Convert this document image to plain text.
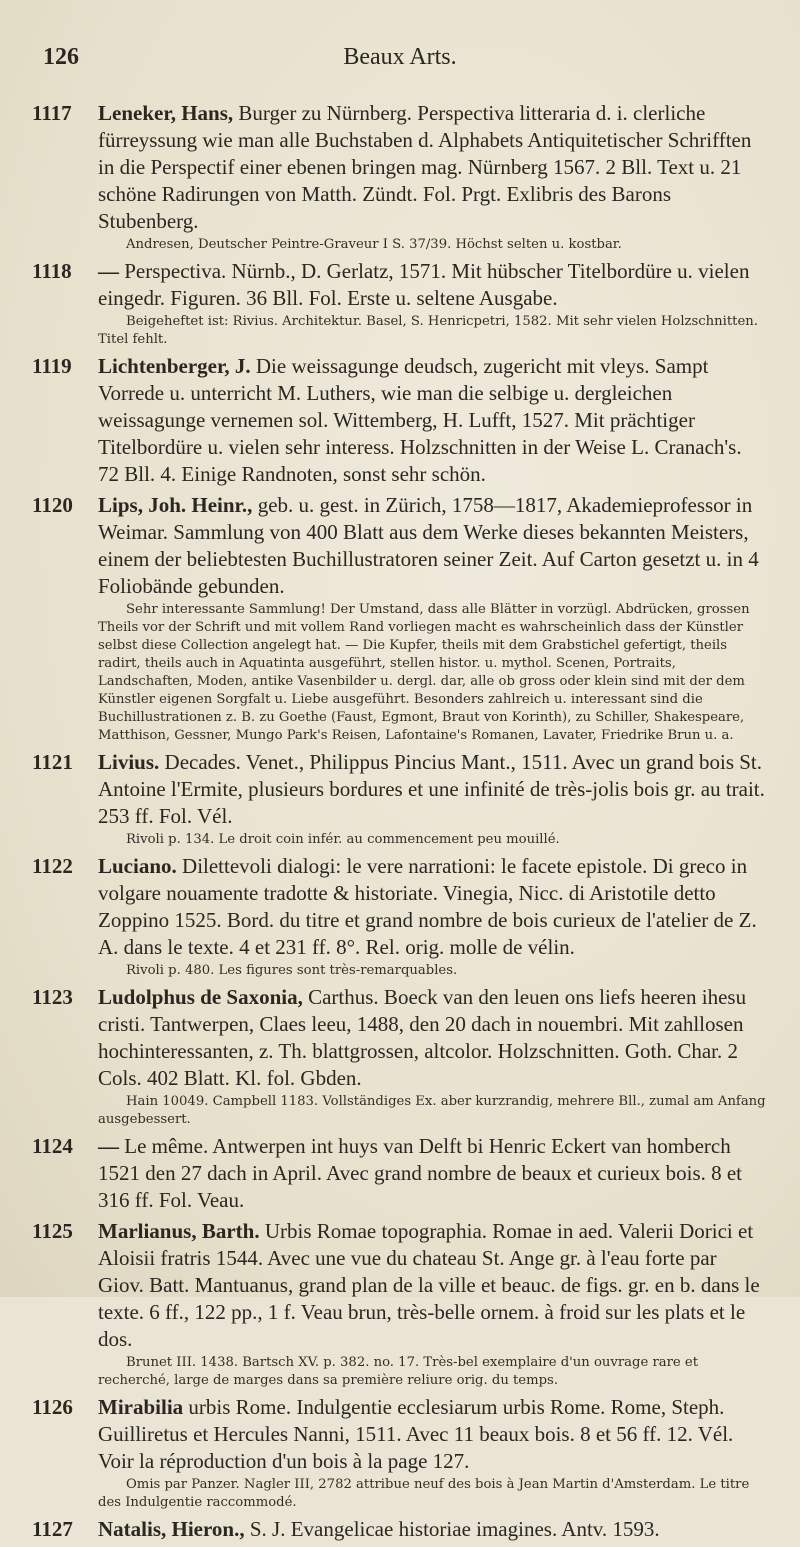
126	Beaux Arts.
1117	Leneker, Hans, Burger zu Nürnberg. Perspectiva litteraria d. i. clerliche fürreyssung wie man alle Buchstaben d. Alphabets Antiquitetischer Schrifften in die Perspectif einer ebenen bringen mag. Nürnberg 1567. 2 Bll. Text u. 21 schöne Radirungen von Matth. Zündt. Fol. Prgt. Exlibris des Barons Stubenberg.
Andresen, Deutscher Peintre-Graveur I S. 37/39. Höchst selten u. kostbar.
1118	— Perspectiva. Nürnb., D. Gerlatz, 1571. Mit hübscher Titelbordüre u. vielen eingedr. Figuren. 36 Bll. Fol. Erste u. seltene Ausgabe.
Beigeheftet ist: Rivius. Architektur. Basel, S. Henricpetri, 1582. Mit sehr vielen Holzschnitten. Titel fehlt.
1119	Lichtenberger, J. Die weissagunge deudsch, zugericht mit vleys. Sampt Vorrede u. unterricht M. Luthers, wie man die selbige u. dergleichen weissagunge vernemen sol. Wittemberg, H. Lufft, 1527. Mit prächtiger Titelbordüre u. vielen sehr interess. Holzschnitten in der Weise L. Cranach's. 72 Bll. 4. Einige Randnoten, sonst sehr schön.
1120	Lips, Joh. Heinr., geb. u. gest. in Zürich, 1758—1817, Akademieprofessor in Weimar. Sammlung von 400 Blatt aus dem Werke dieses bekannten Meisters, einem der beliebtesten Buchillustratoren seiner Zeit. Auf Carton gesetzt u. in 4 Foliobände gebunden.
Sehr interessante Sammlung! Der Umstand, dass alle Blätter in vorzügl. Abdrücken, grossen Theils vor der Schrift und mit vollem Rand vorliegen macht es wahrscheinlich dass der Künstler selbst diese Collection angelegt hat. — Die Kupfer, theils mit dem Grabstichel gefertigt, theils radirt, theils auch in Aquatinta ausgeführt, stellen histor. u. mythol. Scenen, Portraits, Landschaften, Moden, antike Vasenbilder u. dergl. dar, alle ob gross oder klein sind mit der dem Künstler eigenen Sorgfalt u. Liebe ausgeführt. Besonders zahlreich u. interessant sind die Buchillustrationen z. B. zu Goethe (Faust, Egmont, Braut von Korinth), zu Schiller, Shakespeare, Matthison, Gessner, Mungo Park's Reisen, Lafontaine's Romanen, Lavater, Friedrike Brun u. a.
1121	Livius. Decades. Venet., Philippus Pincius Mant., 1511. Avec un grand bois St. Antoine l'Ermite, plusieurs bordures et une infinité de très-jolis bois gr. au trait. 253 ff. Fol. Vél.
Rivoli p. 134. Le droit coin infér. au commencement peu mouillé.
1122	Luciano. Dilettevoli dialogi: le vere narrationi: le facete epistole. Di greco in volgare nouamente tradotte & historiate. Vinegia, Nicc. di Aristotile detto Zoppino 1525. Bord. du titre et grand nombre de bois curieux de l'atelier de Z. A. dans le texte. 4 et 231 ff. 8°. Rel. orig. molle de vélin.
Rivoli p. 480. Les figures sont très-remarquables.
1123	Ludolphus de Saxonia, Carthus. Boeck van den leuen ons liefs heeren ihesu cristi. Tantwerpen, Claes leeu, 1488, den 20 dach in nouembri. Mit zahllosen hochinteressanten, z. Th. blattgrossen, altcolor. Holzschnitten. Goth. Char. 2 Cols. 402 Blatt. Kl. fol. Gbden.
Hain 10049. Campbell 1183. Vollständiges Ex. aber kurzrandig, mehrere Bll., zumal am Anfang ausgebessert.
1124	— Le même. Antwerpen int huys van Delft bi Henric Eckert van homberch 1521 den 27 dach in April. Avec grand nombre de beaux et curieux bois. 8 et 316 ff. Fol. Veau.
1125	Marlianus, Barth. Urbis Romae topographia. Romae in aed. Valerii Dorici et Aloisii fratris 1544. Avec une vue du chateau St. Ange gr. à l'eau forte par Giov. Batt. Mantuanus, grand plan de la ville et beauc. de figs. gr. en b. dans le texte. 6 ff., 122 pp., 1 f. Veau brun, très-belle ornem. à froid sur les plats et le dos.
Brunet III. 1438. Bartsch XV. p. 382. no. 17. Très-bel exemplaire d'un ouvrage rare et recherché, large de marges dans sa première reliure orig. du temps.
1126	Mirabilia urbis Rome. Indulgentie ecclesiarum urbis Rome. Rome, Steph. Guilliretus et Hercules Nanni, 1511. Avec 11 beaux bois. 8 et 56 ff. 12. Vél. Voir la réproduction d'un bois à la page 127.
Omis par Panzer. Nagler III, 2782 attribue neuf des bois à Jean Martin d'Amsterdam. Le titre des Indulgentie raccommodé.
1127	Natalis, Hieron., S. J. Evangelicae historiae imagines. Antv. 1593.
